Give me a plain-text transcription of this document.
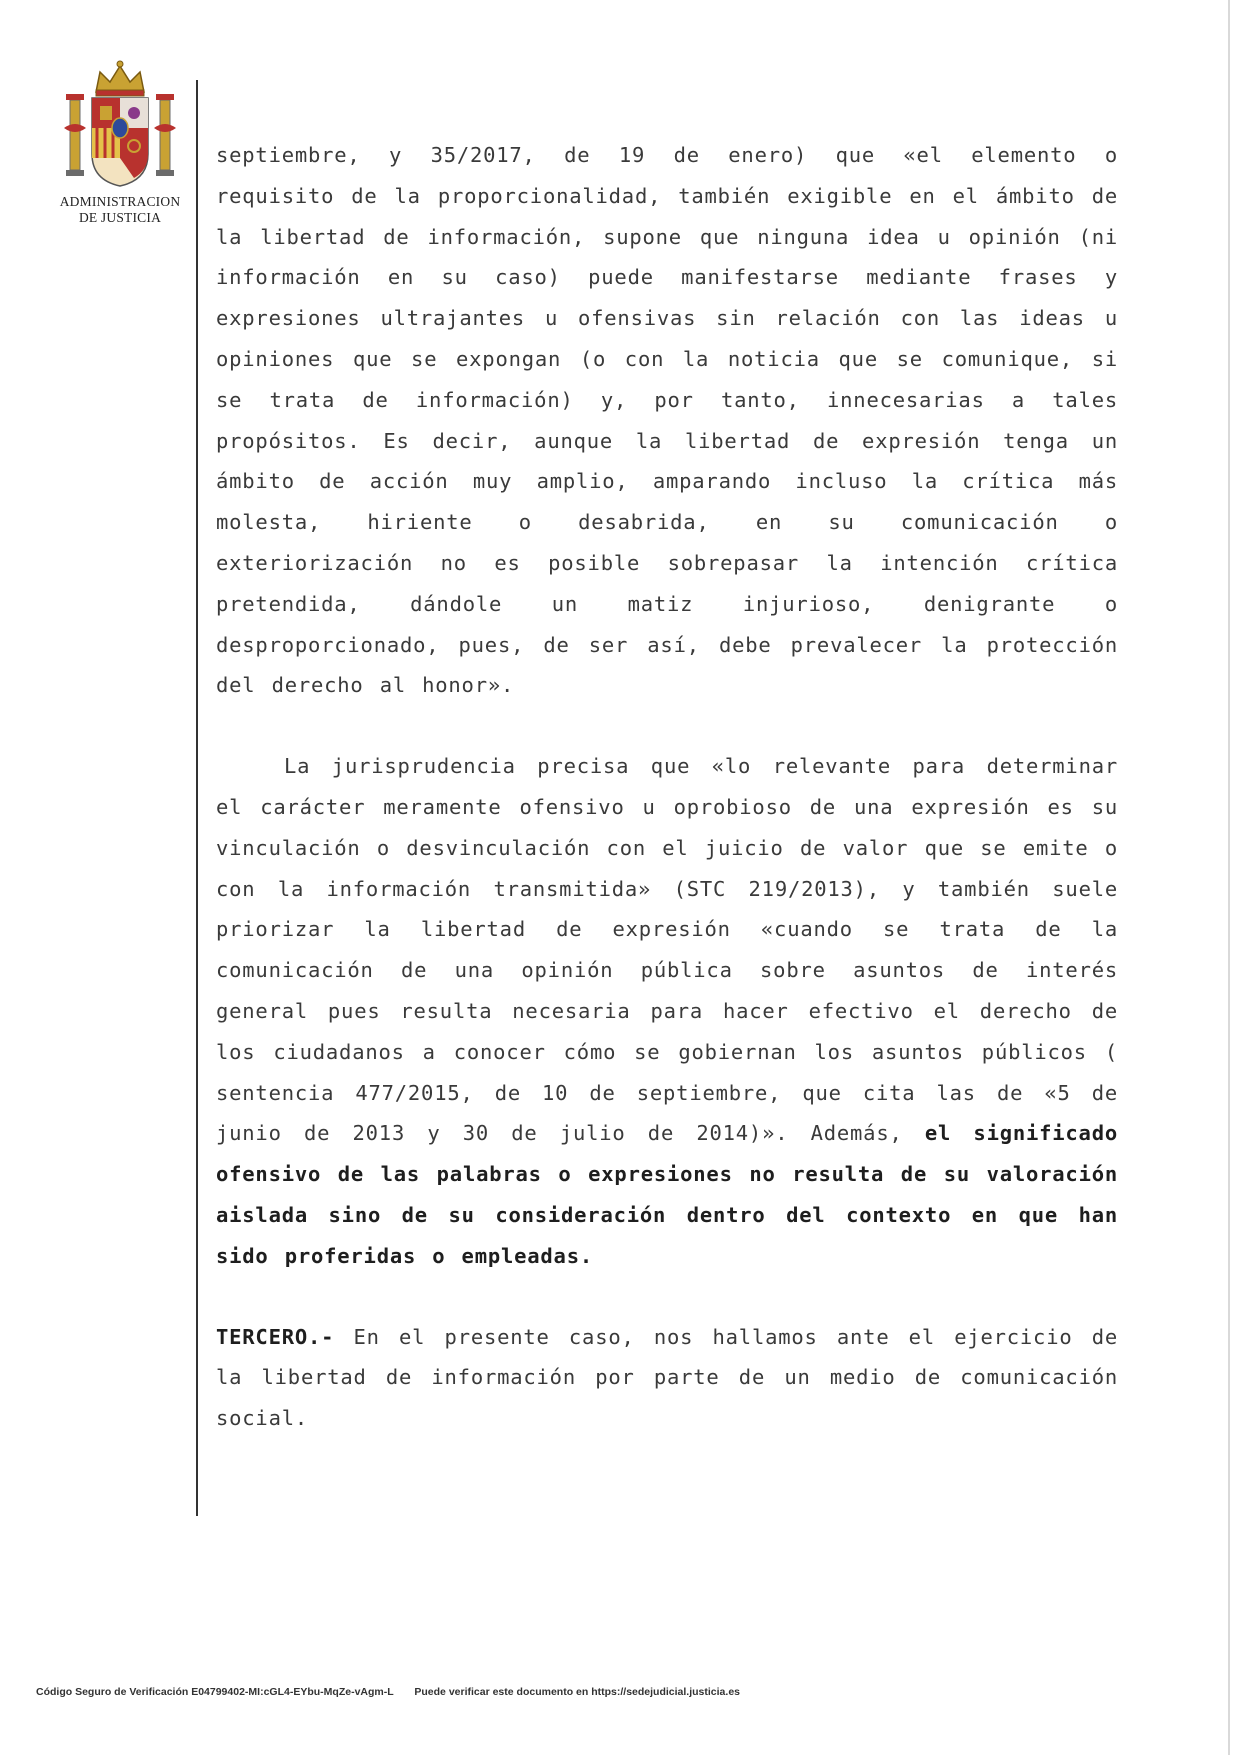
ADMINISTRACION
DE JUSTICIA

septiembre, y 35/2017, de 19 de enero) que «el elemento o requisito de la proporcionalidad, también exigible en el ámbito de la libertad de información, supone que ninguna idea u opinión (ni información en su caso) puede manifestarse mediante frases y expresiones ultrajantes u ofensivas sin relación con las ideas u opiniones que se expongan (o con la noticia que se comunique, si se trata de información) y, por tanto, innecesarias a tales propósitos. Es decir, aunque la libertad de expresión tenga un ámbito de acción muy amplio, amparando incluso la crítica más molesta, hiriente o desabrida, en su comunicación o exteriorización no es posible sobrepasar la intención crítica pretendida, dándole un matiz injurioso, denigrante o desproporcionado, pues, de ser así, debe prevalecer la protección del derecho al honor».

La jurisprudencia precisa que «lo relevante para determinar el carácter meramente ofensivo u oprobioso de una expresión es su vinculación o desvinculación con el juicio de valor que se emite o con la información transmitida» (STC 219/2013), y también suele priorizar la libertad de expresión «cuando se trata de la comunicación de una opinión pública sobre asuntos de interés general pues resulta necesaria para hacer efectivo el derecho de los ciudadanos a conocer cómo se gobiernan los asuntos públicos ( sentencia 477/2015, de 10 de septiembre, que cita las de «5 de junio de 2013 y 30 de julio de 2014)». Además, el significado ofensivo de las palabras o expresiones no resulta de su valoración aislada sino de su consideración dentro del contexto en que han sido proferidas o empleadas.

TERCERO.- En el presente caso, nos hallamos ante el ejercicio de la libertad de información por parte de un medio de comunicación social.

Código Seguro de Verificación E04799402-MI:cGL4-EYbu-MqZe-vAgm-L Puede verificar este documento en https://sedejudicial.justicia.es
